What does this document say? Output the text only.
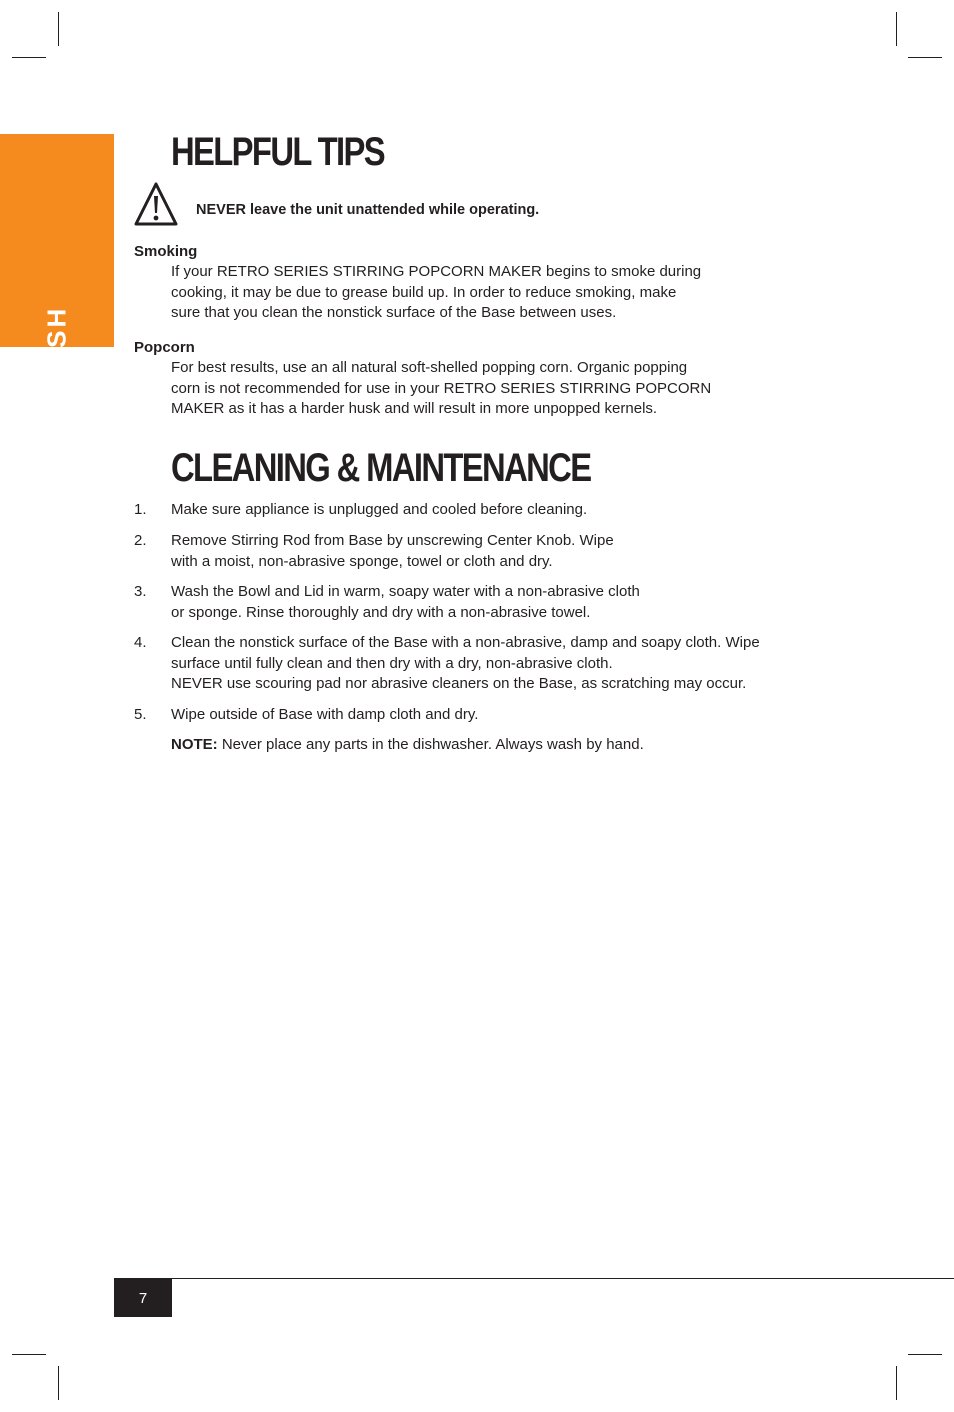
ENGLISH
HELPFUL TIPS
NEVER leave the unit unattended while operating.
Smoking
If your RETRO SERIES STIRRING POPCORN MAKER begins to smoke during
cooking, it may be due to grease build up. In order to reduce smoking, make
sure that you clean the nonstick surface of the Base between uses.
Popcorn
For best results, use an all natural soft-shelled popping corn. Organic popping
corn is not recommended for use in your RETRO SERIES STIRRING POPCORN
MAKER as it has a harder husk and will result in more unpopped kernels.
CLEANING & MAINTENANCE
1. Make sure appliance is unplugged and cooled before cleaning.
2. Remove Stirring Rod from Base by unscrewing Center Knob. Wipe
with a moist, non-abrasive sponge, towel or cloth and dry.
3. Wash the Bowl and Lid in warm, soapy water with a non-abrasive cloth
or sponge. Rinse thoroughly and dry with a non-abrasive towel.
4. Clean the nonstick surface of the Base with a non-abrasive, damp and soapy cloth. Wipe
surface until fully clean and then dry with a dry, non-abrasive cloth.
NEVER use scouring pad nor abrasive cleaners on the Base, as scratching may occur.
5. Wipe outside of Base with damp cloth and dry.
NOTE: Never place any parts in the dishwasher. Always wash by hand.
7
